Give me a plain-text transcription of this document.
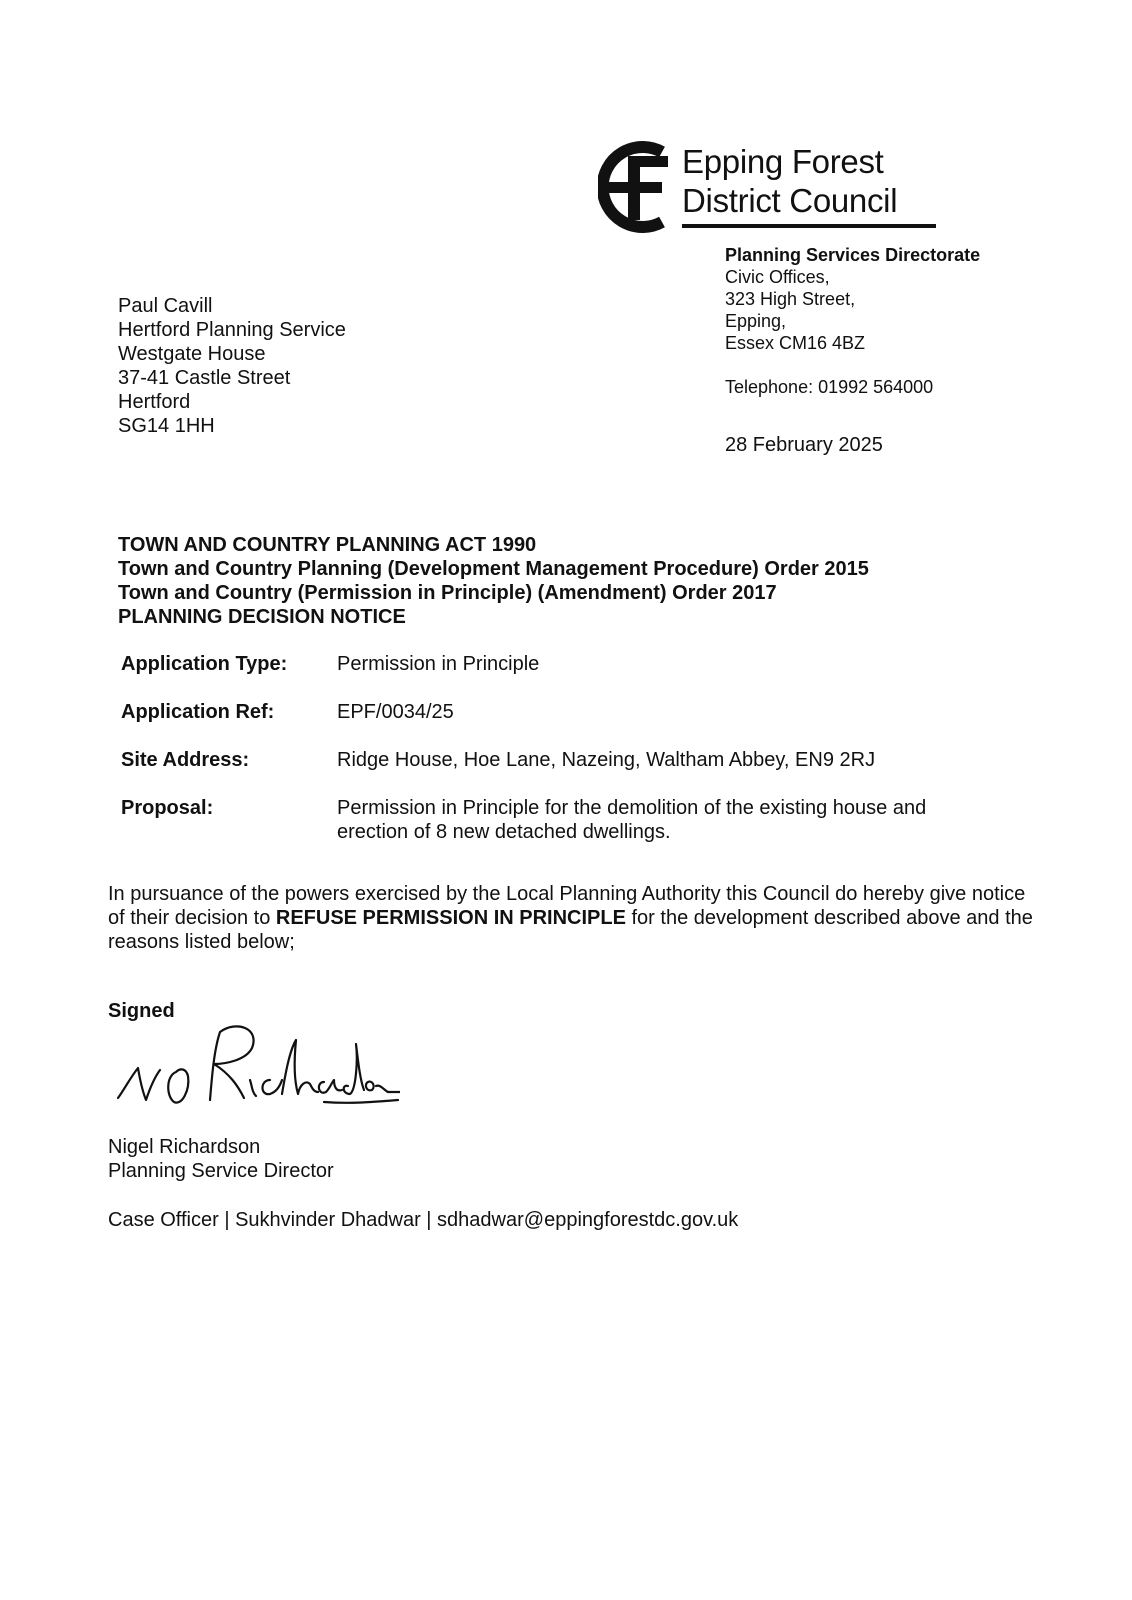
Epping Forest
District Council
Planning Services Directorate
Civic Offices,
323 High Street,
Epping,
Essex CM16 4BZ
Telephone: 01992 564000
28 February 2025
Paul Cavill
Hertford Planning Service
Westgate House
37-41 Castle Street
Hertford
SG14 1HH
TOWN AND COUNTRY PLANNING ACT 1990
Town and Country Planning (Development Management Procedure) Order 2015
Town and Country (Permission in Principle) (Amendment) Order 2017
PLANNING DECISION NOTICE
Application Type: Permission in Principle
Application Ref:	EPF/0034/25
Site Address:	Ridge House, Hoe Lane, Nazeing, Waltham Abbey, EN9 2RJ
Proposal:	Permission in Principle for the demolition of the existing house and erection of 8 new detached dwellings.
In pursuance of the powers exercised by the Local Planning Authority this Council do hereby give notice of their decision to REFUSE PERMISSION IN PRINCIPLE for the development described above and the reasons listed below;
Signed
Nigel Richardson
Planning Service Director
Case Officer | Sukhvinder Dhadwar | sdhadwar@eppingforestdc.gov.uk
